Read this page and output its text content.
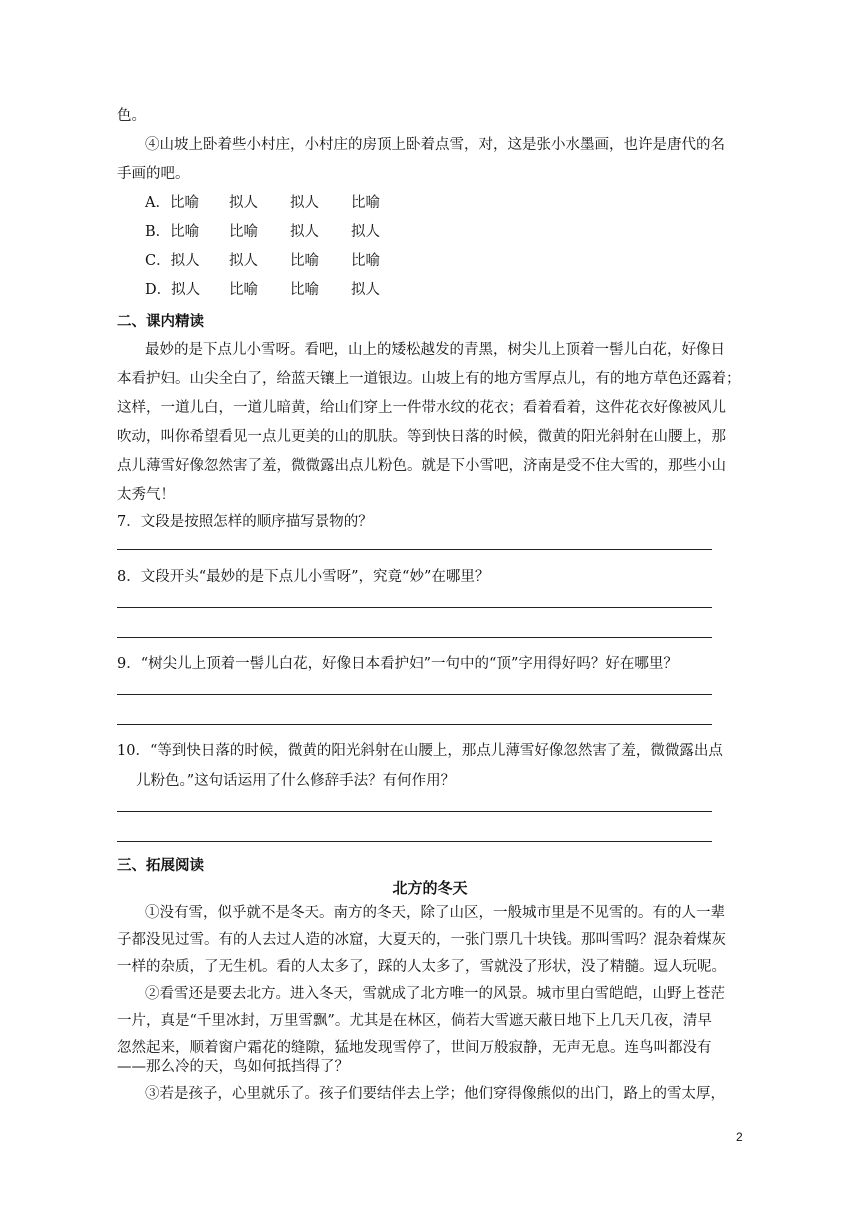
色。
④山坡上卧着些小村庄，小村庄的房顶上卧着点雪，对，这是张小水墨画，也许是唐代的名
手画的吧。
A．比喻 拟人 拟人 比喻
B．比喻 比喻 拟人 拟人
C．拟人 拟人 比喻 比喻
D．拟人 比喻 比喻 拟人
二、课内精读
最妙的是下点儿小雪呀。看吧，山上的矮松越发的青黑，树尖儿上顶着一髻儿白花，好像日
本看护妇。山尖全白了，给蓝天镶上一道银边。山坡上有的地方雪厚点儿，有的地方草色还露着；
这样，一道儿白，一道儿暗黄，给山们穿上一件带水纹的花衣；看着看着，这件花衣好像被风儿
吹动，叫你希望看见一点儿更美的山的肌肤。等到快日落的时候，微黄的阳光斜射在山腰上，那
点儿薄雪好像忽然害了羞，微微露出点儿粉色。就是下小雪吧，济南是受不住大雪的，那些小山
太秀气！
7．文段是按照怎样的顺序描写景物的？
8．文段开头“最妙的是下点儿小雪呀”，究竟“妙”在哪里？
9．“树尖儿上顶着一髻儿白花，好像日本看护妇”一句中的“顶”字用得好吗？好在哪里？
10．“等到快日落的时候，微黄的阳光斜射在山腰上，那点儿薄雪好像忽然害了羞，微微露出点
儿粉色。”这句话运用了什么修辞手法？有何作用？
三、拓展阅读
北方的冬天
①没有雪，似乎就不是冬天。南方的冬天，除了山区，一般城市里是不见雪的。有的人一辈
子都没见过雪。有的人去过人造的冰窟，大夏天的，一张门票几十块钱。那叫雪吗？混杂着煤灰
一样的杂质，了无生机。看的人太多了，踩的人太多了，雪就没了形状，没了精髓。逗人玩呢。
②看雪还是要去北方。进入冬天，雪就成了北方唯一的风景。城市里白雪皑皑，山野上苍茫
一片，真是“千里冰封，万里雪飘”。尤其是在林区，倘若大雪遮天蔽日地下上几天几夜，清早
忽然起来，顺着窗户霜花的缝隙，猛地发现雪停了，世间万般寂静，无声无息。连鸟叫都没有
——那么冷的天，鸟如何抵挡得了？
③若是孩子，心里就乐了。孩子们要结伴去上学；他们穿得像熊似的出门，路上的雪太厚，
2
